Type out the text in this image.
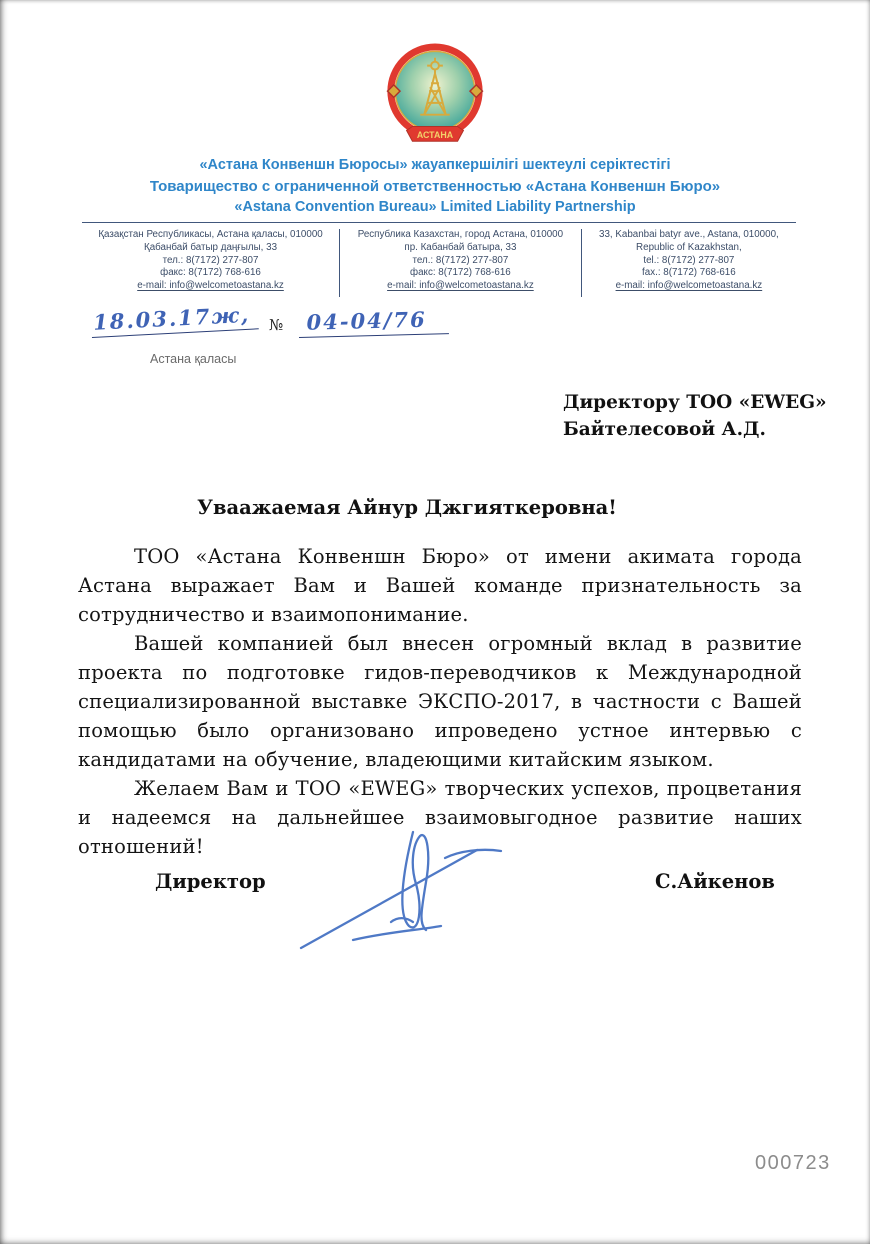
АСТАНА
«Астана Конвеншн Бюросы» жауапкершілігі шектеулі серіктестігі
Товарищество с ограниченной ответственностью «Астана Конвеншн Бюро»
«Astana Convention Bureau» Limited Liability Partnership
Қазақстан Республикасы, Астана қаласы, 010000
Қабанбай батыр даңғылы, 33
тел.: 8(7172) 277-807
факс: 8(7172) 768-616
e-mail: info@welcometoastana.kz
Республика Казахстан, город Астана, 010000
пр. Кабанбай батыра, 33
тел.: 8(7172) 277-807
факс: 8(7172) 768-616
e-mail: info@welcometoastana.kz
33, Kabanbai batyr ave., Astana, 010000,
Republic of Kazakhstan,
tel.: 8(7172) 277-807
fax.: 8(7172) 768-616
e-mail: info@welcometoastana.kz
18.03.17ж, № 04-04/76
Астана қаласы
Директору ТОО «EWEG»
Байтелесовой А.Д.
Уваажаемая Айнур Джгияткеровна!

ТОО «Астана Конвеншн Бюро» от имени акимата города Астана выражает Вам и Вашей команде признательность за сотрудничество и взаимопонимание.

Вашей компанией был внесен огромный вклад в развитие проекта по подготовке гидов-переводчиков к Международной специализированной выставке ЭКСПО-2017, в частности с Вашей помощью было организовано ипроведено устное интервью с кандидатами на обучение, владеющими китайским языком.

Желаем Вам и ТОО «EWEG» творческих успехов, процветания и надеемся на дальнейшее взаимовыгодное развитие наших отношений!

Директор	С.Айкенов
000723
